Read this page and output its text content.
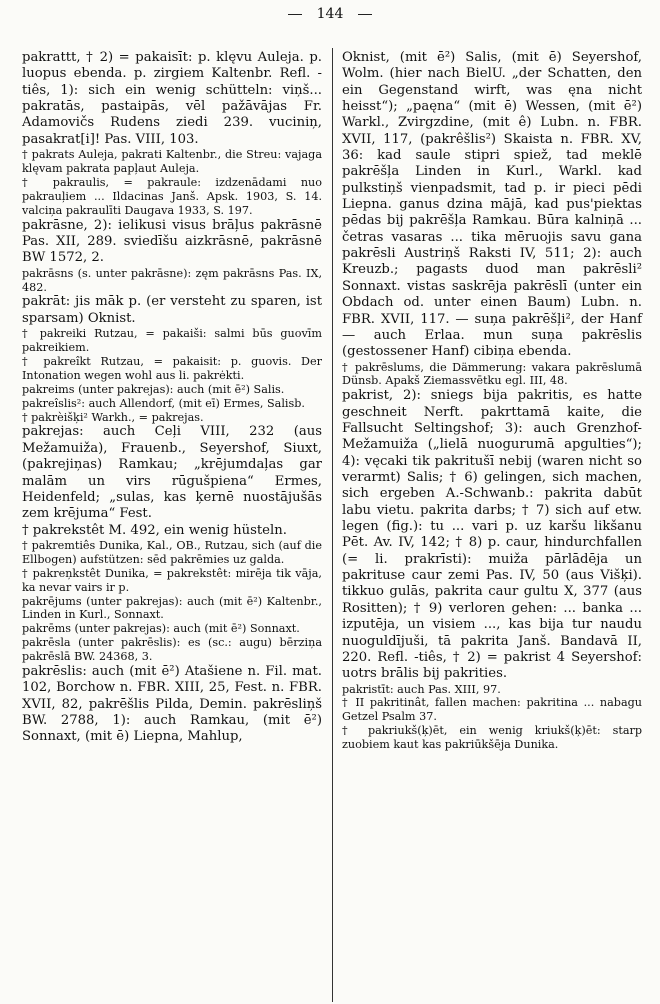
144

pakrattt, † 2) = pakaisīt: p. klęvu Auleja. p. luopus ebenda. p. zirgiem Kaltenbr. Refl. -tiês, 1): sich ein wenig schütteln: viņš... pakratās, pastaipās, vēl pažāvājas Fr. Adamovičs Rudens ziedi 239. vuciniņ, pasakrat[i]! Pas. VIII, 103.

† pakrats Auleja, pakrati Kaltenbr., die Streu: vajaga klęvam pakrata papļaut Auleja.

† pakraulis, = pakraule: izdzenādami nuo pakrauļiem ... Ildacinas Janš. Apsk. 1903, S. 14. valciņa pakraulīti Daugava 1933, S. 197.

pakrāsne, 2): ielikusi visus brāļus pakrāsnē Pas. XII, 289. sviedīšu aizkrāsnē, pakrāsnē BW 1572, 2.

pakrāsns (s. unter pakrāsne): zęm pakrāsns Pas. IX, 482.

pakrāt: jis māk p. (er versteht zu sparen, ist sparsam) Oknist.

† pakreiki Rutzau, = pakaiši: salmi būs guovīm pakreikiem.

† pakreîkt Rutzau, = pakaisit: p. guovis. Der Intonation wegen wohl aus li. pakrėkti.

pakreims (unter pakrejas): auch (mit ē²) Salis.

pakreîslis²: auch Allendorf, (mit eī) Ermes, Salisb.

† pakrèišķi² Warkh., = pakrejas.

pakrejas: auch Ceļi VIII, 232 (aus Mežamuiža), Frauenb., Seyershof, Siuxt, (pakrejiņas) Ramkau; „krējumdaļas gar malām un virs rūgušpiena“ Ermes, Heidenfeld; „sulas, kas ķernē nuostājušās zem krējuma“ Fest.

† pakrekstêt M. 492, ein wenig hüsteln.

† pakremtiês Dunika, Kal., OB., Rutzau, sich (auf die Ellbogen) aufstützen: sēd pakrēmies uz galda.

† pakreņkstêt Dunika, = pakrekstêt: mirēja tik vāja, ka nevar vairs ir p.

pakrējums (unter pakrejas): auch (mit ē²) Kaltenbr., Linden in Kurl., Sonnaxt.

pakrēms (unter pakrejas): auch (mit ē²) Sonnaxt.

pakrēsla (unter pakrēslis): es (sc.: augu) bērziņa pakrēslā BW. 24368, 3.

pakrēslis: auch (mit ē²) Atašiene n. Fil. mat. 102, Borchow n. FBR. XIII, 25, Fest. n. FBR. XVII, 82, pakrēšlis Pilda, Demin. pakrēsliņš BW. 2788, 1): auch Ramkau, (mit ē²) Sonnaxt, (mit ē) Liepna, Mahlup,

Oknist, (mit ē²) Salis, (mit ē) Seyershof, Wolm. (hier nach BielU. „der Schatten, den ein Gegenstand wirft, was ęna nicht heisst“); „paęna“ (mit ē) Wessen, (mit ē²) Warkl., Zvirgzdine, (mit ê) Lubn. n. FBR. XVII, 117, (pakrêšlis²) Skaista n. FBR. XV, 36: kad saule stipri spiež, tad meklē pakrēšļa Linden in Kurl., Warkl. kad pulkstiņš vienpadsmit, tad p. ir pieci pēdi Liepna. ganus dzina mājā, kad pus'piektas pēdas bij pakrēšļa Ramkau. Būra kalniņā ... četras vasaras ... tika mēruojis savu gana pakrēsli Austriņš Raksti IV, 511; 2): auch Kreuzb.; pagasts duod man pakrēsli² Sonnaxt. vistas saskrēja pakrēslī (unter ein Obdach od. unter einen Baum) Lubn. n. FBR. XVII, 117. — suņa pakrēšļi², der Hanf — auch Erlaa. mun suņa pakrēslis (gestossener Hanf) cibiņa ebenda.

† pakrēslums, die Dämmerung: vakara pakrēslumā Dünsb. Apakš Ziemassvētku egl. III, 48.

pakrist, 2): sniegs bija pakritis, es hatte geschneit Nerft. pakrttamā kaite, die Fallsucht Seltingshof; 3): auch Grenzhof-Mežamuiža („lielā nuogurumā apgulties“); 4): vęcaki tik pakritušī nebij (waren nicht so verarmt) Salis; † 6) gelingen, sich machen, sich ergeben A.-Schwanb.: pakrita dabūt labu vietu. pakrita darbs; † 7) sich auf etw. legen (fig.): tu ... vari p. uz karšu likšanu Pēt. Av. IV, 142; † 8) p. caur, hindurchfallen (= li. prakrīsti): muiža pārlādēja un pakrituse caur zemi Pas. IV, 50 (aus Višķi). tikkuo gulās, pakrita caur gultu X, 377 (aus Rositten); † 9) verloren gehen: ... banka ... izputēja, un visiem ..., kas bija tur naudu nuoguldījuši, tā pakrita Janš. Bandavā II, 220. Refl. -tiês, † 2) = pakrist 4 Seyershof: uotrs brālis bij pakrities.

pakristīt: auch Pas. XIII, 97.

† II pakritinât, fallen machen: pakritina ... nabagu Getzel Psalm 37.

† pakriukš(ķ)ēt, ein wenig kriukš(ķ)ēt: starp zuobiem kaut kas pakriūkšēja Dunika.
